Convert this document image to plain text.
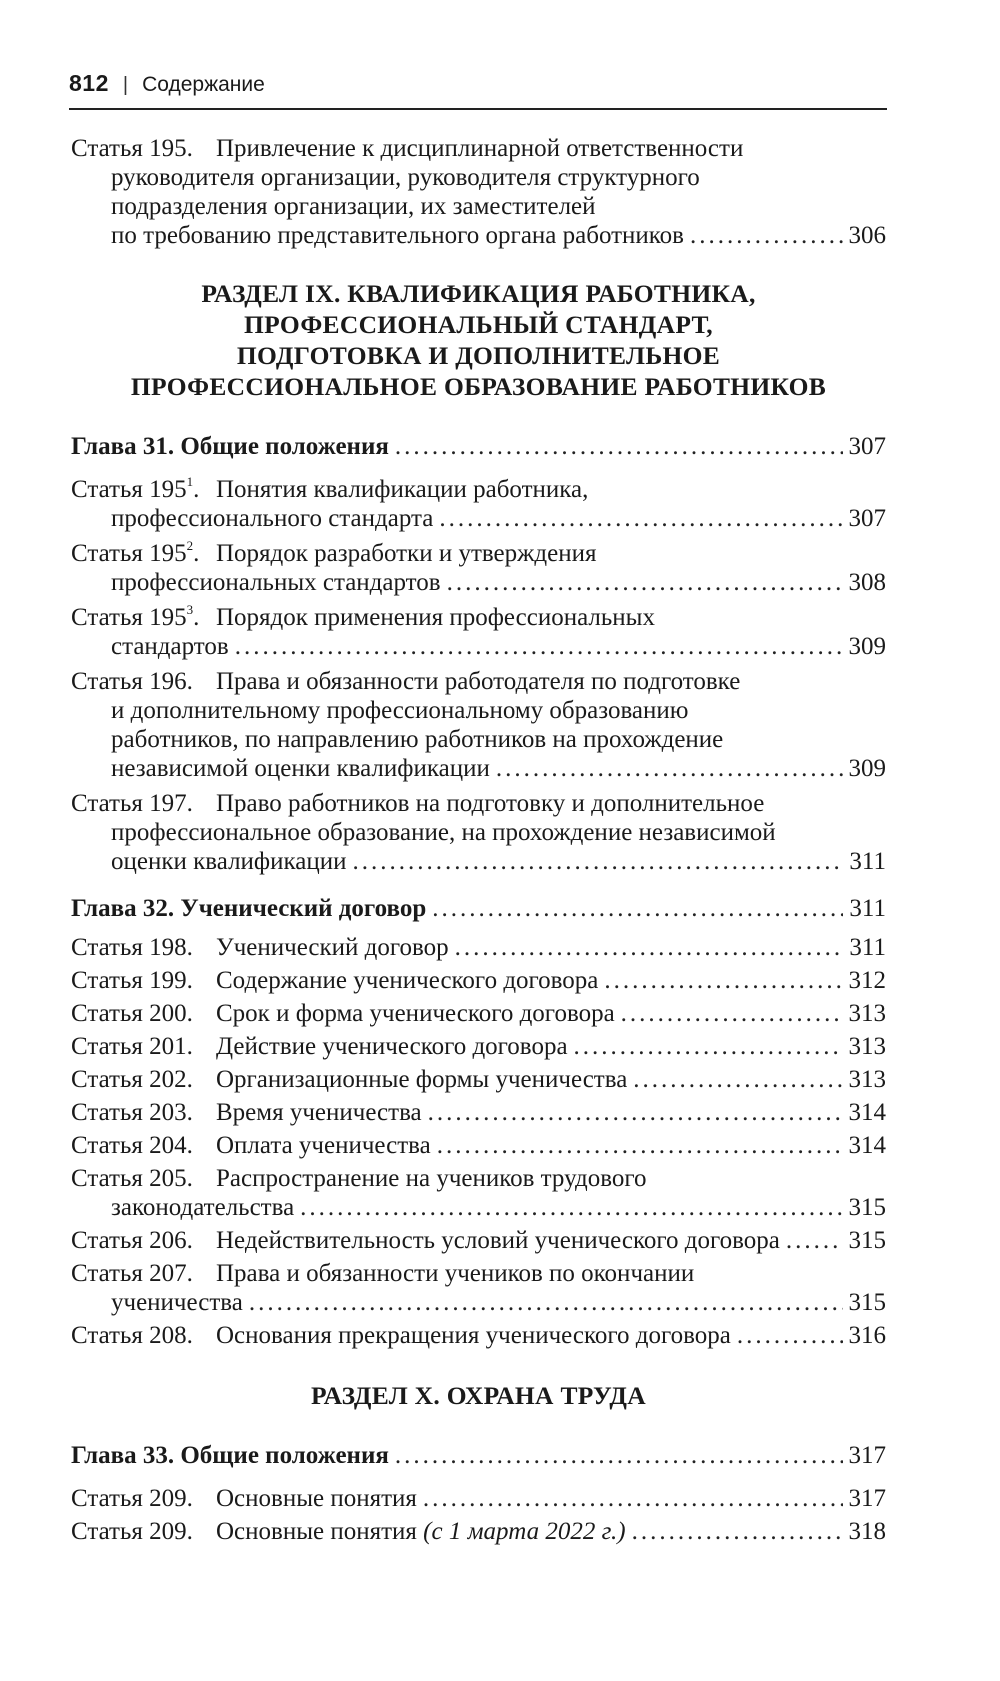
812 | Содержание
Статья 195. Привлечение к дисциплинарной ответственности
руководителя организации, руководителя структурного
подразделения организации, их заместителей
по требованию представительного органа работников .....	306
РАЗДЕЛ IX. КВАЛИФИКАЦИЯ РАБОТНИКА,
ПРОФЕССИОНАЛЬНЫЙ СТАНДАРТ,
ПОДГОТОВКА И ДОПОЛНИТЕЛЬНОЕ
ПРОФЕССИОНАЛЬНОЕ ОБРАЗОВАНИЕ РАБОТНИКОВ
Глава 31. Общие положения .....	307
Статья $195^1$. Понятия квалификации работника,
профессионального стандарта .....	307
Статья $195^2$. Порядок разработки и утверждения
профессиональных стандартов .....	308
Статья $195^3$. Порядок применения профессиональных
стандартов .....	309
Статья 196. Права и обязанности работодателя по подготовке
и дополнительному профессиональному образованию
работников, по направлению работников на прохождение
независимой оценки квалификации .....	309
Статья 197. Право работников на подготовку и дополнительное
профессиональное образование, на прохождение независимой
оценки квалификации .....	311
Глава 32. Ученический договор .....	311
Статья 198. Ученический договор .....	311
Статья 199. Содержание ученического договора .....	312
Статья 200. Срок и форма ученического договора .....	313
Статья 201. Действие ученического договора .....	313
Статья 202. Организационные формы ученичества .....	313
Статья 203. Время ученичества .....	314
Статья 204. Оплата ученичества .....	314
Статья 205. Распространение на учеников трудового
законодательства .....	315
Статья 206. Недействительность условий ученического договора .....	315
Статья 207. Права и обязанности учеников по окончании
ученичества .....	315
Статья 208. Основания прекращения ученического договора .....	316
РАЗДЕЛ X. ОХРАНА ТРУДА
Глава 33. Общие положения .....	317
Статья 209. Основные понятия .....	317
Статья 209. Основные понятия (с 1 марта 2022 г.) .....	318
